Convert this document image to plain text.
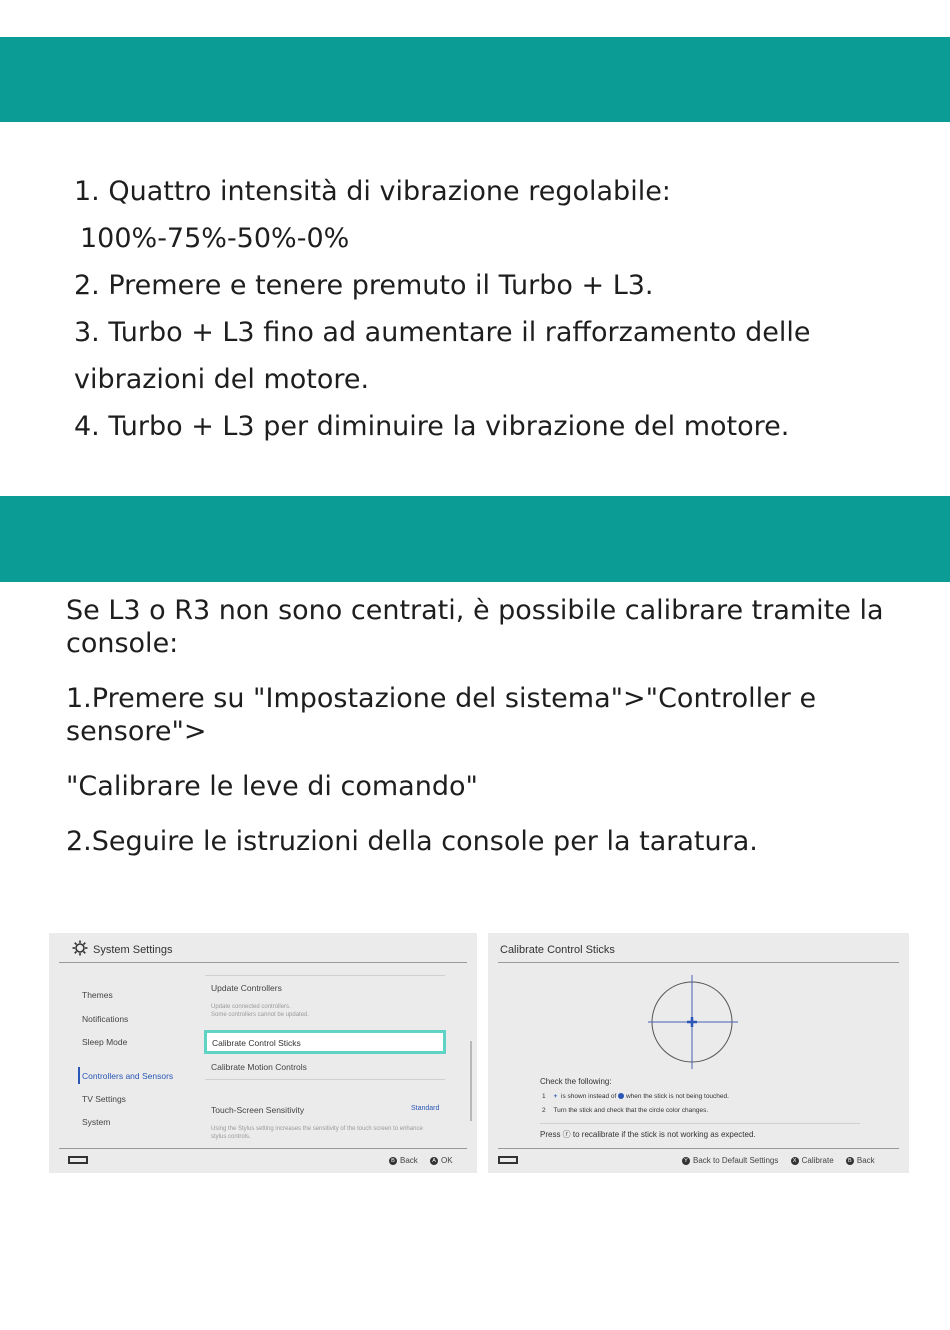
1. Quattro intensità di vibrazione regolabile:
100%-75%-50%-0%
2. Premere e tenere premuto il Turbo + L3.
3. Turbo + L3 fino ad aumentare il rafforzamento delle
vibrazioni del motore.
4. Turbo + L3 per diminuire la vibrazione del motore.

Se L3 o R3 non sono centrati, è possibile calibrare tramite la console:

1.Premere su "Impostazione del sistema">"Controller e sensore">

"Calibrare le leve di comando"

2.Seguire le istruzioni della console per la taratura.

System Settings
Themes
Notifications
Sleep Mode
Controllers and Sensors
TV Settings
System
Update Controllers
Update connected controllers.
Some controllers cannot be updated.
Calibrate Control Sticks
Calibrate Motion Controls
Touch-Screen Sensitivity	Standard
Using the Stylus setting increases the sensitivity of the touch screen to enhance
stylus controls.
B Back	A OK
Calibrate Control Sticks
Check the following:
1 + is shown instead of when the stick is not being touched.
2 Turn the stick and check that the circle color changes.
Press ⓡ to recalibrate if the stick is not working as expected.
Y Back to Default Settings	X Calibrate	B Back
